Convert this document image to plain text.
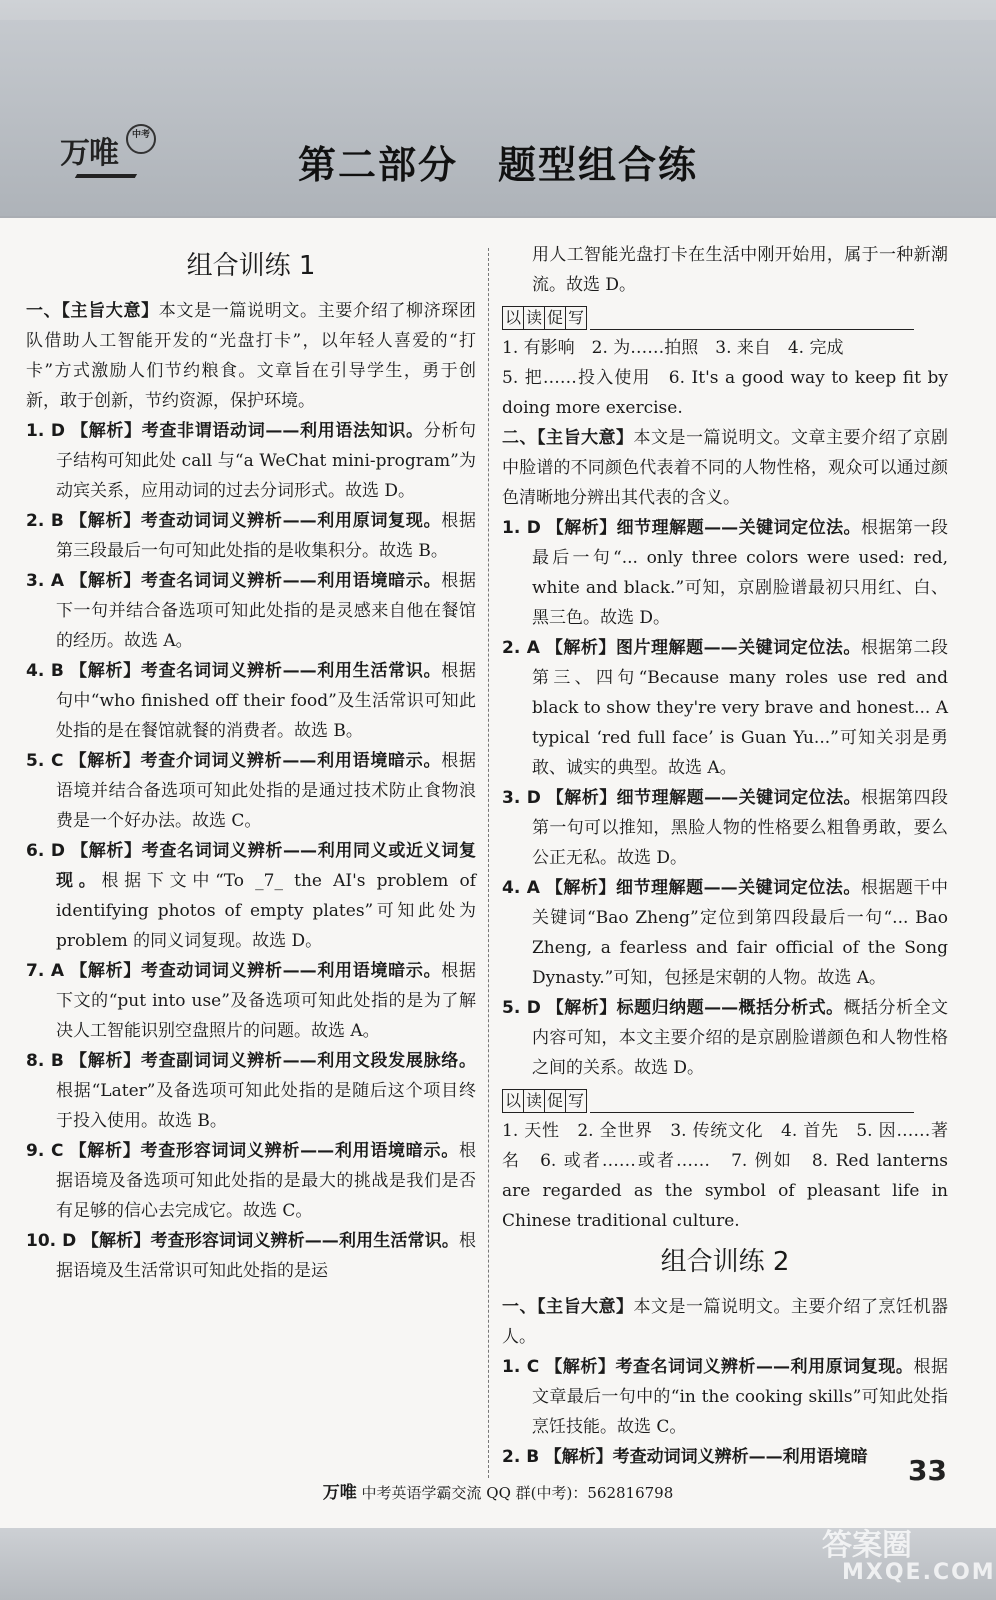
万唯
中考
第二部分　题型组合练
组合训练 1

一、【主旨大意】本文是一篇说明文。主要介绍了柳济琛团队借助人工智能开发的“光盘打卡”，以年轻人喜爱的“打卡”方式激励人们节约粮食。文章旨在引导学生，勇于创新，敢于创新，节约资源，保护环境。

1. D 【解析】考查非谓语动词——利用语法知识。分析句子结构可知此处 call 与“a WeChat mini-program”为动宾关系，应用动词的过去分词形式。故选 D。

2. B 【解析】考查动词词义辨析——利用原词复现。根据第三段最后一句可知此处指的是收集积分。故选 B。

3. A 【解析】考查名词词义辨析——利用语境暗示。根据下一句并结合备选项可知此处指的是灵感来自他在餐馆的经历。故选 A。

4. B 【解析】考查名词词义辨析——利用生活常识。根据句中“who finished off their food”及生活常识可知此处指的是在餐馆就餐的消费者。故选 B。

5. C 【解析】考查介词词义辨析——利用语境暗示。根据语境并结合备选项可知此处指的是通过技术防止食物浪费是一个好办法。故选 C。

6. D 【解析】考查名词词义辨析——利用同义或近义词复现。根据下文中“To _7_ the AI's problem of identifying photos of empty plates”可知此处为 problem 的同义词复现。故选 D。

7. A 【解析】考查动词词义辨析——利用语境暗示。根据下文的“put into use”及备选项可知此处指的是为了解决人工智能识别空盘照片的问题。故选 A。

8. B 【解析】考查副词词义辨析——利用文段发展脉络。根据“Later”及备选项可知此处指的是随后这个项目终于投入使用。故选 B。

9. C 【解析】考查形容词词义辨析——利用语境暗示。根据语境及备选项可知此处指的是最大的挑战是我们是否有足够的信心去完成它。故选 C。

10. D 【解析】考查形容词词义辨析——利用生活常识。根据语境及生活常识可知此处指的是运

用人工智能光盘打卡在生活中刚开始用，属于一种新潮流。故选 D。

以 读 促 写

1. 有影响　2. 为……拍照　3. 来自　4. 完成

5. 把……投入使用　6. It's a good way to keep fit by doing more exercise.

二、【主旨大意】本文是一篇说明文。文章主要介绍了京剧中脸谱的不同颜色代表着不同的人物性格，观众可以通过颜色清晰地分辨出其代表的含义。

1. D 【解析】细节理解题——关键词定位法。根据第一段最后一句“... only three colors were used: red, white and black.”可知，京剧脸谱最初只用红、白、黑三色。故选 D。

2. A 【解析】图片理解题——关键词定位法。根据第二段第三、四句“Because many roles use red and black to show they're very brave and honest... A typical ‘red full face’ is Guan Yu...”可知关羽是勇敢、诚实的典型。故选 A。

3. D 【解析】细节理解题——关键词定位法。根据第四段第一句可以推知，黑脸人物的性格要么粗鲁勇敢，要么公正无私。故选 D。

4. A 【解析】细节理解题——关键词定位法。根据题干中关键词“Bao Zheng”定位到第四段最后一句“... Bao Zheng, a fearless and fair official of the Song Dynasty.”可知，包拯是宋朝的人物。故选 A。

5. D 【解析】标题归纳题——概括分析式。概括分析全文内容可知，本文主要介绍的是京剧脸谱颜色和人物性格之间的关系。故选 D。

以 读 促 写

1. 天性　2. 全世界　3. 传统文化　4. 首先　5. 因……著名　6. 或者……或者……　7. 例如　8. Red lanterns are regarded as the symbol of pleasant life in Chinese traditional culture.

组合训练 2

一、【主旨大意】本文是一篇说明文。主要介绍了烹饪机器人。

1. C 【解析】考查名词词义辨析——利用原词复现。根据文章最后一句中的“in the cooking skills”可知此处指烹饪技能。故选 C。

2. B 【解析】考查动词词义辨析——利用语境暗	33
万唯 中考英语学霸交流 QQ 群(中考)：562816798
答案圈
MXQE.COM
